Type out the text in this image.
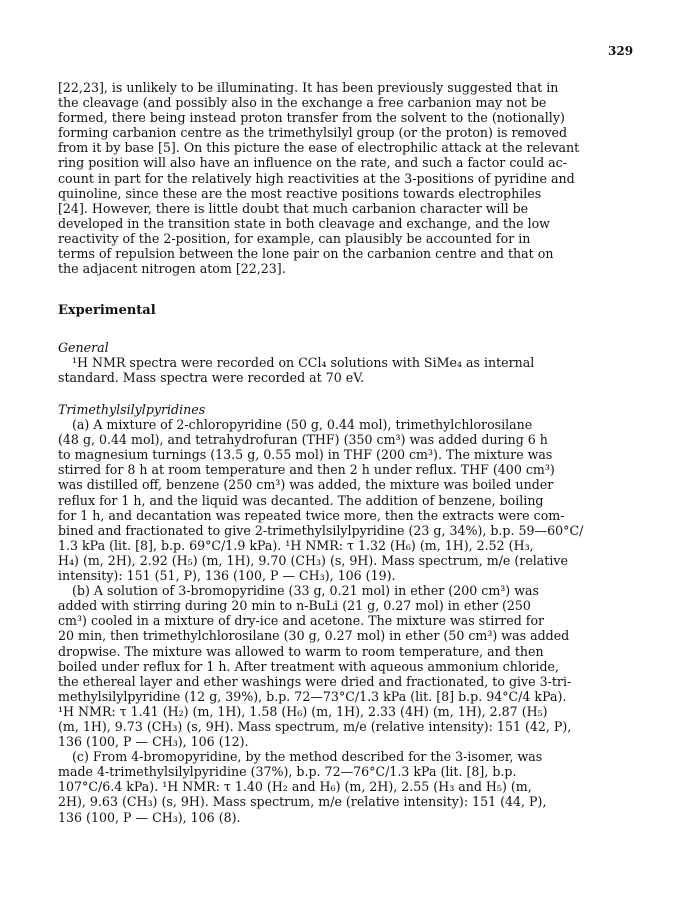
329
[22,23], is unlikely to be illuminating. It has been previously suggested that in
the cleavage (and possibly also in the exchange a free carbanion may not be
formed, there being instead proton transfer from the solvent to the (notionally)
forming carbanion centre as the trimethylsilyl group (or the proton) is removed
from it by base [5]. On this picture the ease of electrophilic attack at the relevant
ring position will also have an influence on the rate, and such a factor could ac-
count in part for the relatively high reactivities at the 3-positions of pyridine and
quinoline, since these are the most reactive positions towards electrophiles
[24]. However, there is little doubt that much carbanion character will be
developed in the transition state in both cleavage and exchange, and the low
reactivity of the 2-position, for example, can plausibly be accounted for in
terms of repulsion between the lone pair on the carbanion centre and that on
the adjacent nitrogen atom [22,23].
Experimental
General
¹H NMR spectra were recorded on CCl₄ solutions with SiMe₄ as internal
standard. Mass spectra were recorded at 70 eV.
Trimethylsilylpyridines
(a) A mixture of 2-chloropyridine (50 g, 0.44 mol), trimethylchlorosilane
(48 g, 0.44 mol), and tetrahydrofuran (THF) (350 cm³) was added during 6 h
to magnesium turnings (13.5 g, 0.55 mol) in THF (200 cm³). The mixture was
stirred for 8 h at room temperature and then 2 h under reflux. THF (400 cm³)
was distilled off, benzene (250 cm³) was added, the mixture was boiled under
reflux for 1 h, and the liquid was decanted. The addition of benzene, boiling
for 1 h, and decantation was repeated twice more, then the extracts were com-
bined and fractionated to give 2-trimethylsilylpyridine (23 g, 34%), b.p. 59—60°C/
1.3 kPa (lit. [8], b.p. 69°C/1.9 kPa). ¹H NMR: τ 1.32 (H₆) (m, 1H), 2.52 (H₃,
H₄) (m, 2H), 2.92 (H₅) (m, 1H), 9.70 (CH₃) (s, 9H). Mass spectrum, m/e (relative
intensity): 151 (51, P), 136 (100, P — CH₃), 106 (19).
(b) A solution of 3-bromopyridine (33 g, 0.21 mol) in ether (200 cm³) was
added with stirring during 20 min to n-BuLi (21 g, 0.27 mol) in ether (250
cm³) cooled in a mixture of dry-ice and acetone. The mixture was stirred for
20 min, then trimethylchlorosilane (30 g, 0.27 mol) in ether (50 cm³) was added
dropwise. The mixture was allowed to warm to room temperature, and then
boiled under reflux for 1 h. After treatment with aqueous ammonium chloride,
the ethereal layer and ether washings were dried and fractionated, to give 3-tri-
methylsilylpyridine (12 g, 39%), b.p. 72—73°C/1.3 kPa (lit. [8] b.p. 94°C/4 kPa).
¹H NMR: τ 1.41 (H₂) (m, 1H), 1.58 (H₆) (m, 1H), 2.33 (4H) (m, 1H), 2.87 (H₅)
(m, 1H), 9.73 (CH₃) (s, 9H). Mass spectrum, m/e (relative intensity): 151 (42, P),
136 (100, P — CH₃), 106 (12).
(c) From 4-bromopyridine, by the method described for the 3-isomer, was
made 4-trimethylsilylpyridine (37%), b.p. 72—76°C/1.3 kPa (lit. [8], b.p.
107°C/6.4 kPa). ¹H NMR: τ 1.40 (H₂ and H₆) (m, 2H), 2.55 (H₃ and H₅) (m,
2H), 9.63 (CH₃) (s, 9H). Mass spectrum, m/e (relative intensity): 151 (44, P),
136 (100, P — CH₃), 106 (8).
